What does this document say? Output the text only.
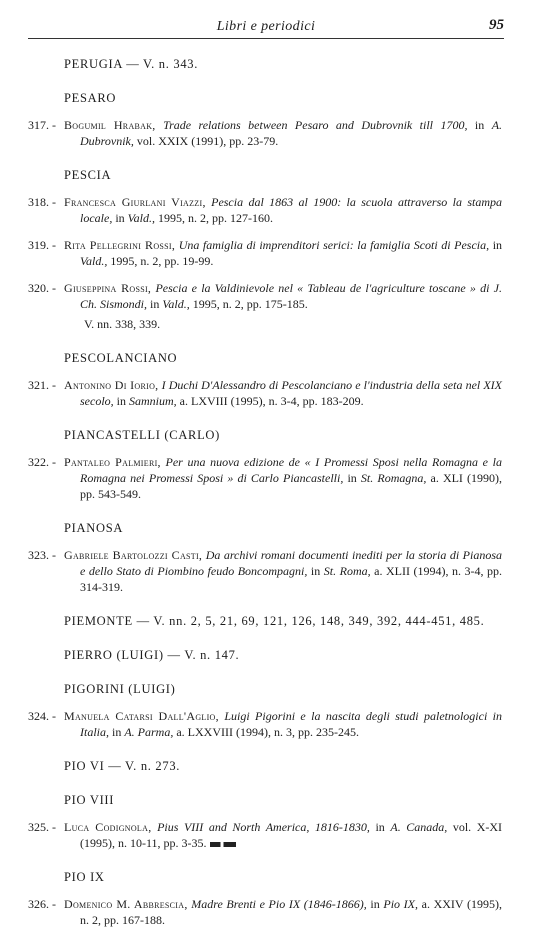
Libri e periodici	95
PERUGIA — V. n. 343.
PESARO
317. - Bogumil Hrabak, Trade relations between Pesaro and Dubrovnik till 1700, in A. Dubrovnik, vol. XXIX (1991), pp. 23-79.
PESCIA
318. - Francesca Giurlani Viazzi, Pescia dal 1863 al 1900: la scuola attraverso la stampa locale, in Vald., 1995, n. 2, pp. 127-160.
319. - Rita Pellegrini Rossi, Una famiglia di imprenditori serici: la famiglia Scoti di Pescia, in Vald., 1995, n. 2, pp. 19-99.
320. - Giuseppina Rossi, Pescia e la Valdinievole nel « Tableau de l'agriculture toscane » di J. Ch. Sismondi, in Vald., 1995, n. 2, pp. 175-185.
V. nn. 338, 339.
PESCOLANCIANO
321. - Antonino Di Iorio, I Duchi D'Alessandro di Pescolanciano e l'industria della seta nel XIX secolo, in Samnium, a. LXVIII (1995), n. 3-4, pp. 183-209.
PIANCASTELLI (CARLO)
322. - Pantaleo Palmieri, Per una nuova edizione de « I Promessi Sposi nella Romagna e la Romagna nei Promessi Sposi » di Carlo Piancastelli, in St. Romagna, a. XLI (1990), pp. 543-549.
PIANOSA
323. - Gabriele Bartolozzi Casti, Da archivi romani documenti inediti per la storia di Pianosa e dello Stato di Piombino feudo Boncompagni, in St. Roma, a. XLII (1994), n. 3-4, pp. 314-319.
PIEMONTE — V. nn. 2, 5, 21, 69, 121, 126, 148, 349, 392, 444-451, 485.
PIERRO (LUIGI) — V. n. 147.
PIGORINI (LUIGI)
324. - Manuela Catarsi Dall'Aglio, Luigi Pigorini e la nascita degli studi paletnologici in Italia, in A. Parma, a. LXXVIII (1994), n. 3, pp. 235-245.
PIO VI — V. n. 273.
PIO VIII
325. - Luca Codignola, Pius VIII and North America, 1816-1830, in A. Canada, vol. X-XI (1995), n. 10-11, pp. 3-35.
PIO IX
326. - Domenico M. Abbrescia, Madre Brenti e Pio IX (1846-1866), in Pio IX, a. XXIV (1995), n. 2, pp. 167-188.
